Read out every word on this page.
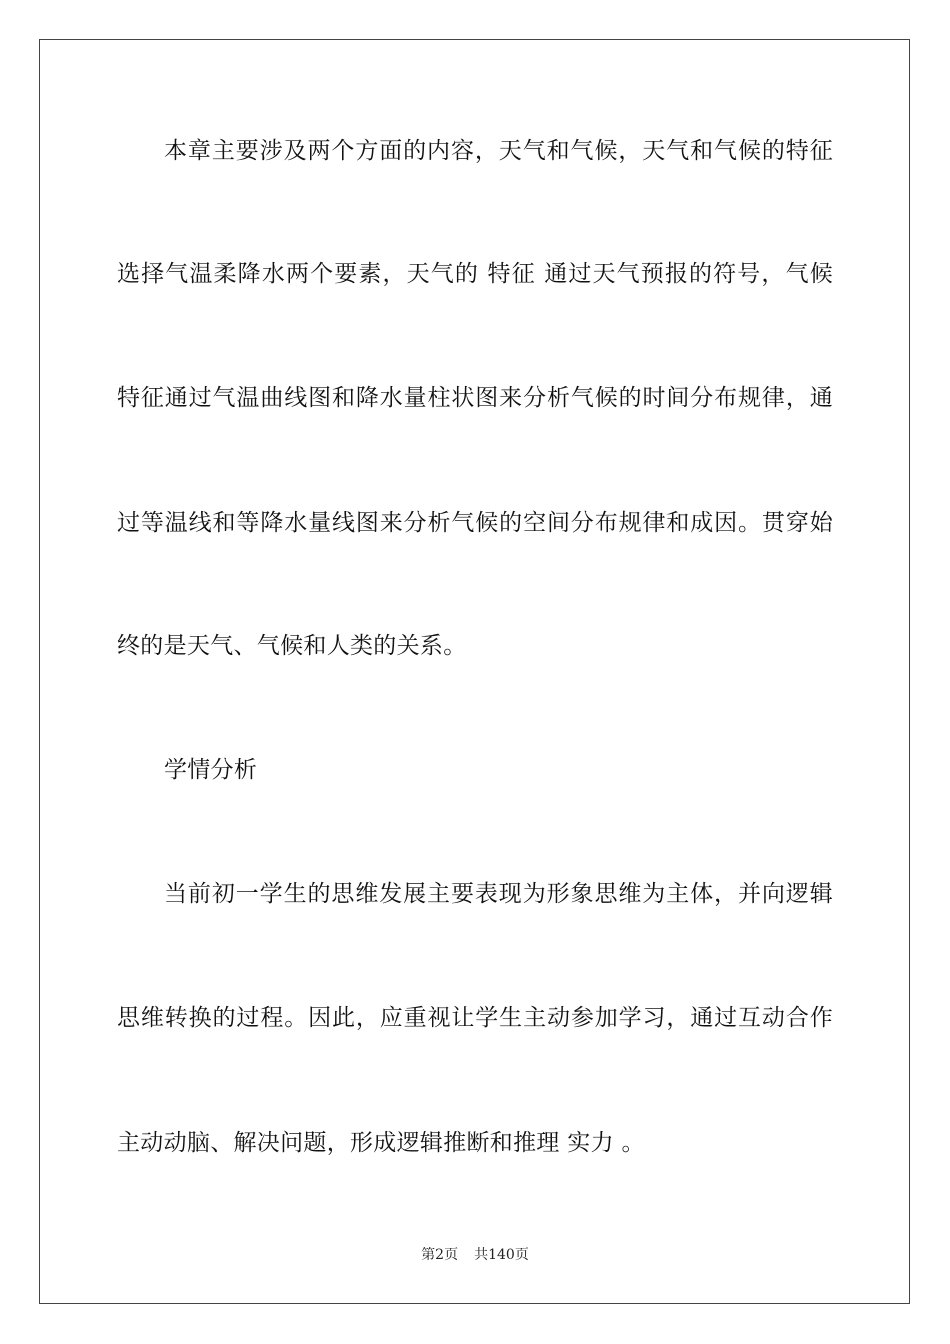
本章主要涉及两个方面的内容，天气和气候，天气和气候的特征
选择气温柔降水两个要素，天气的 特征 通过天气预报的符号，气候
特征通过气温曲线图和降水量柱状图来分析气候的时间分布规律，通
过等温线和等降水量线图来分析气候的空间分布规律和成因。贯穿始
终的是天气、气候和人类的关系。
学情分析
当前初一学生的思维发展主要表现为形象思维为主体，并向逻辑
思维转换的过程。因此，应重视让学生主动参加学习，通过互动合作
主动动脑、解决问题，形成逻辑推断和推理 实力 。
第2页 共140页
